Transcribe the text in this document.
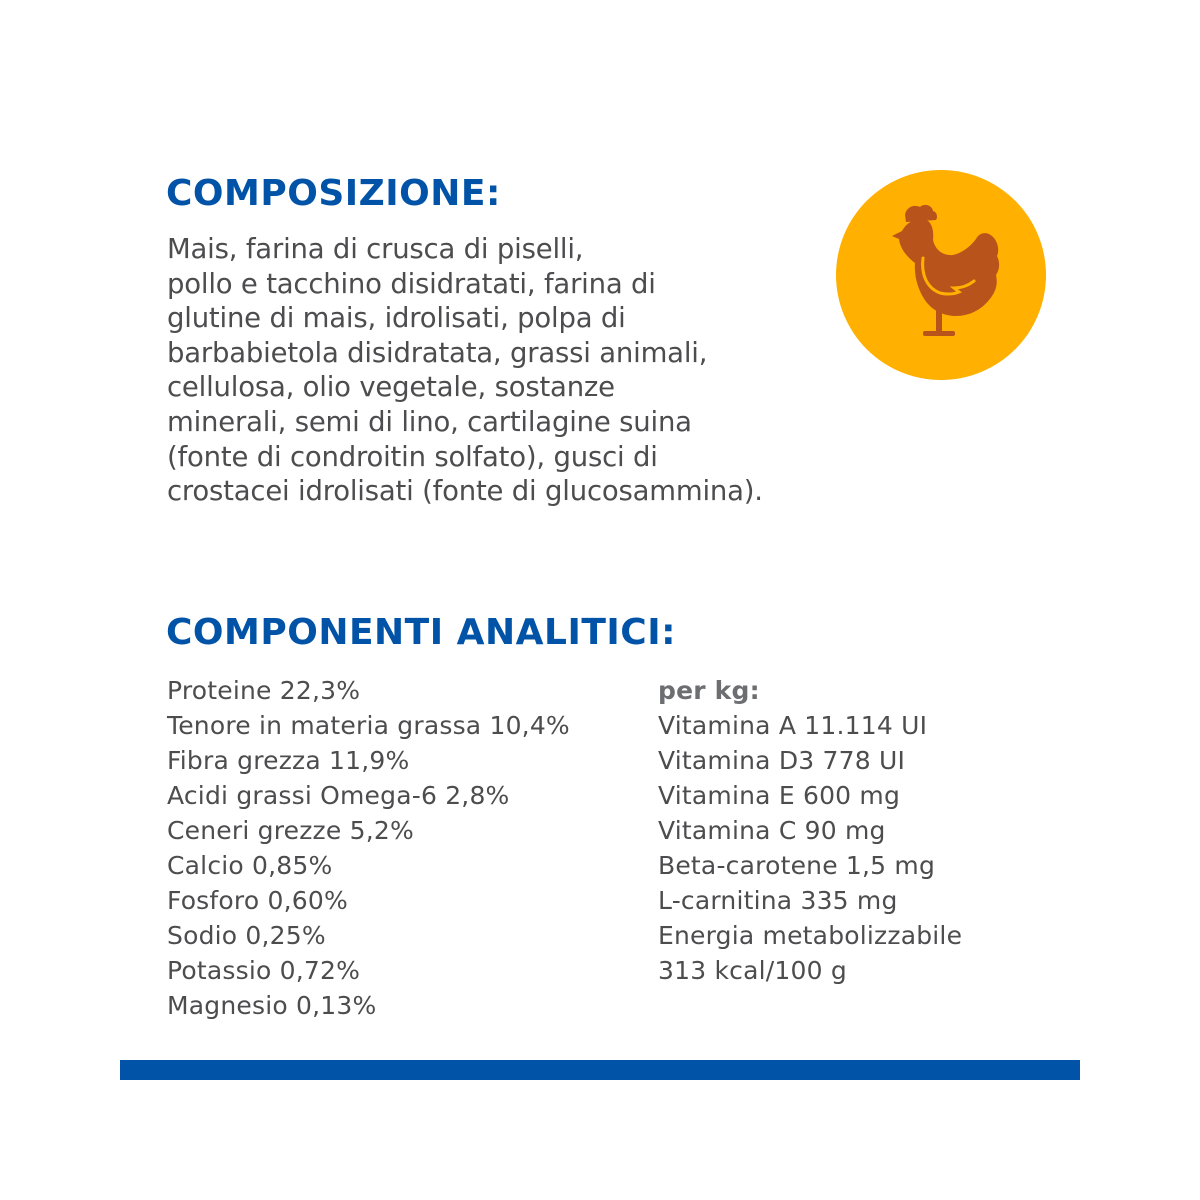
COMPOSIZIONE:

Mais, farina di crusca di piselli,
pollo e tacchino disidratati, farina di
glutine di mais, idrolisati, polpa di
barbabietola disidratata, grassi animali,
cellulosa, olio vegetale, sostanze
minerali, semi di lino, cartilagine suina
(fonte di condroitin solfato), gusci di
crostacei idrolisati (fonte di glucosammina).

COMPONENTI ANALITICI:
Proteine 22,3%
Tenore in materia grassa 10,4%
Fibra grezza 11,9%
Acidi grassi Omega-6 2,8%
Ceneri grezze 5,2%
Calcio 0,85%
Fosforo 0,60%
Sodio 0,25%
Potassio 0,72%
Magnesio 0,13%
per kg:
Vitamina A 11.114 UI
Vitamina D3 778 UI
Vitamina E 600 mg
Vitamina C 90 mg
Beta-carotene 1,5 mg
L-carnitina 335 mg
Energia metabolizzabile
313 kcal/100 g
